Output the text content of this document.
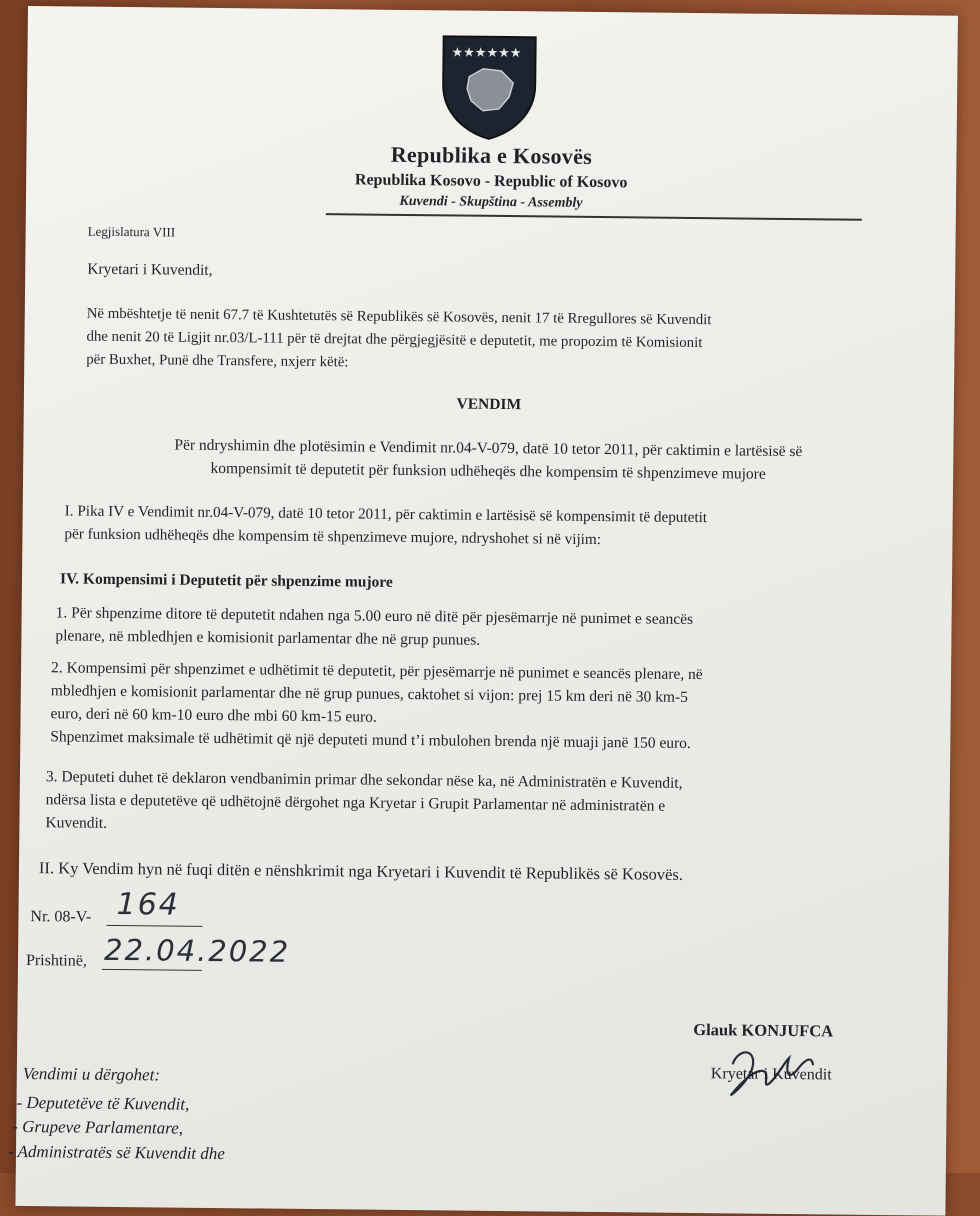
★★★★★★
Republika e Kosovës
Republika Kosovo - Republic of Kosovo
Kuvendi - Skupština - Assembly
Legjislatura VIII
Kryetari i Kuvendit,
Në mbështetje të nenit 67.7 të Kushtetutës së Republikës së Kosovës, nenit 17 të Rregullores së Kuvendit
dhe nenit 20 të Ligjit nr.03/L-111 për të drejtat dhe përgjegjësitë e deputetit, me propozim të Komisionit
për Buxhet, Punë dhe Transfere, nxjerr këtë:
VENDIM
Për ndryshimin dhe plotësimin e Vendimit nr.04-V-079, datë 10 tetor 2011, për caktimin e lartësisë së
kompensimit të deputetit për funksion udhëheqës dhe kompensim të shpenzimeve mujore
I. Pika IV e Vendimit nr.04-V-079, datë 10 tetor 2011, për caktimin e lartësisë së kompensimit të deputetit
për funksion udhëheqës dhe kompensim të shpenzimeve mujore, ndryshohet si në vijim:
IV. Kompensimi i Deputetit për shpenzime mujore
1. Për shpenzime ditore të deputetit ndahen nga 5.00 euro në ditë për pjesëmarrje në punimet e seancës
plenare, në mbledhjen e komisionit parlamentar dhe në grup punues.
2. Kompensimi për shpenzimet e udhëtimit të deputetit, për pjesëmarrje në punimet e seancës plenare, në
mbledhjen e komisionit parlamentar dhe në grup punues, caktohet si vijon: prej 15 km deri në 30 km-5
euro, deri në 60 km-10 euro dhe mbi 60 km-15 euro.
Shpenzimet maksimale të udhëtimit që një deputeti mund t’i mbulohen brenda një muaji janë 150 euro.
3. Deputeti duhet të deklaron vendbanimin primar dhe sekondar nëse ka, në Administratën e Kuvendit,
ndërsa lista e deputetëve që udhëtojnë dërgohet nga Kryetar i Grupit Parlamentar në administratën e
Kuvendit.
II. Ky Vendim hyn në fuqi ditën e nënshkrimit nga Kryetari i Kuvendit të Republikës së Kosovës.
Nr. 08-V- 164
Prishtinë, 22.04.2022
Glauk KONJUFCA
Kryetar i Kuvendit
Vendimi u dërgohet:
- Deputetëve të Kuvendit,
- Grupeve Parlamentare,
- Administratës së Kuvendit dhe
